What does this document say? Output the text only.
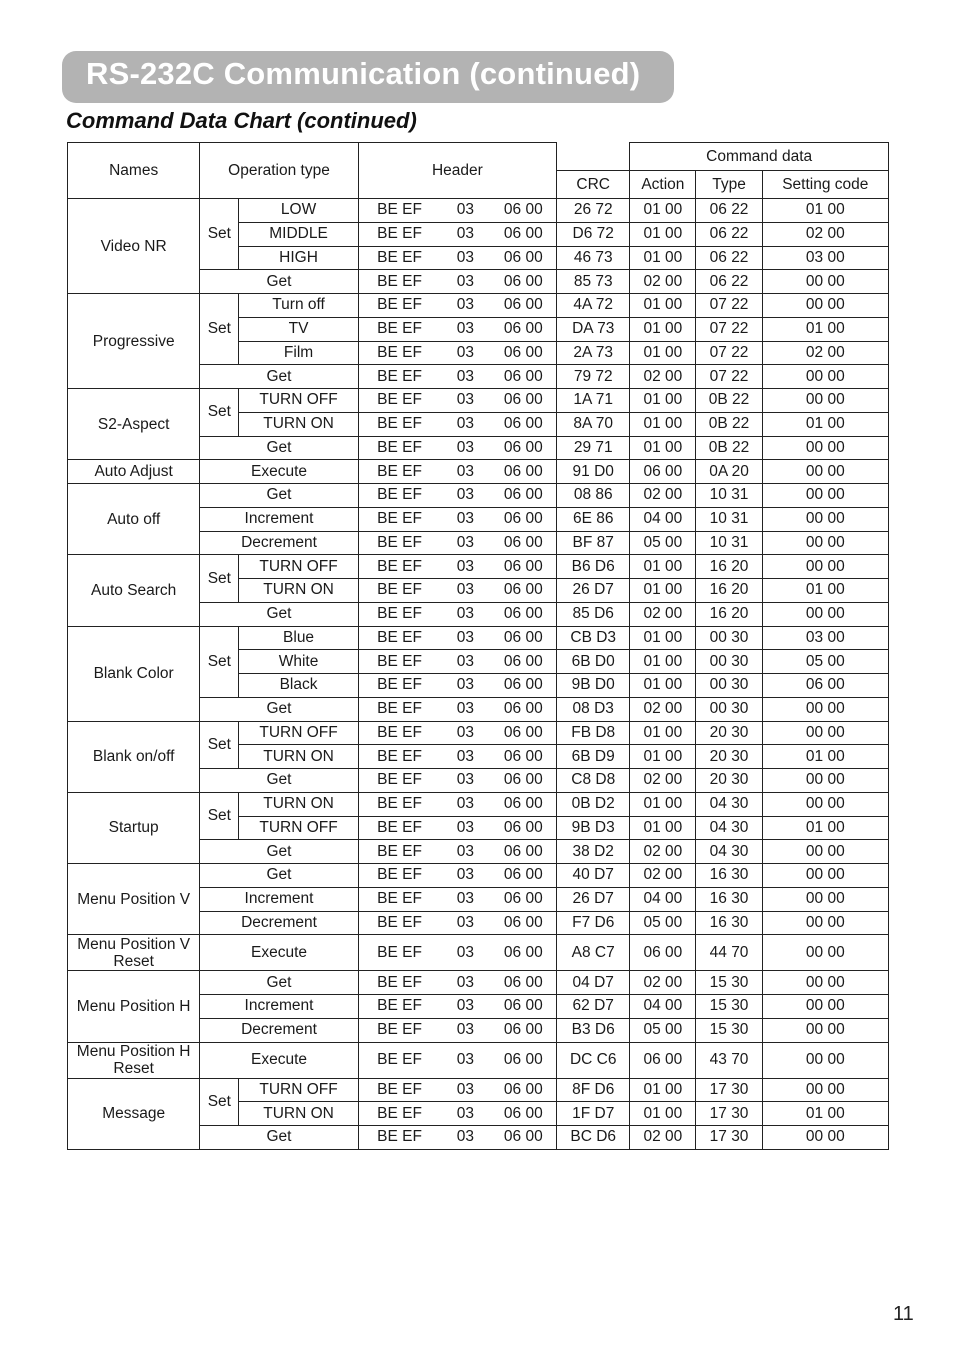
RS-232C Communication (continued)
Command Data Chart (continued)
Names	Operation type		Header				Command data		
						CRC	Action	Type	Setting code
Video NR	Set	LOW	BE EF	03	06 00	26 72	01 00	06 22	01 00
		MIDDLE	BE EF	03	06 00	D6 72	01 00	06 22	02 00
		HIGH	BE EF	03	06 00	46 73	01 00	06 22	03 00
	Get		BE EF	03	06 00	85 73	02 00	06 22	00 00
Progressive	Set	Turn off	BE EF	03	06 00	4A 72	01 00	07 22	00 00
		TV	BE EF	03	06 00	DA 73	01 00	07 22	01 00
		Film	BE EF	03	06 00	2A 73	01 00	07 22	02 00
	Get		BE EF	03	06 00	79 72	02 00	07 22	00 00
S2-Aspect	Set	TURN OFF	BE EF	03	06 00	1A 71	01 00	0B 22	00 00
		TURN ON	BE EF	03	06 00	8A 70	01 00	0B 22	01 00
	Get		BE EF	03	06 00	29 71	01 00	0B 22	00 00
Auto Adjust	Execute		BE EF	03	06 00	91 D0	06 00	0A 20	00 00
Auto off	Get		BE EF	03	06 00	08 86	02 00	10 31	00 00
	Increment		BE EF	03	06 00	6E 86	04 00	10 31	00 00
	Decrement		BE EF	03	06 00	BF 87	05 00	10 31	00 00
Auto Search	Set	TURN OFF	BE EF	03	06 00	B6 D6	01 00	16 20	00 00
		TURN ON	BE EF	03	06 00	26 D7	01 00	16 20	01 00
	Get		BE EF	03	06 00	85 D6	02 00	16 20	00 00
Blank Color	Set	Blue	BE EF	03	06 00	CB D3	01 00	00 30	03 00
		White	BE EF	03	06 00	6B D0	01 00	00 30	05 00
		Black	BE EF	03	06 00	9B D0	01 00	00 30	06 00
	Get		BE EF	03	06 00	08 D3	02 00	00 30	00 00
Blank on/off	Set	TURN OFF	BE EF	03	06 00	FB D8	01 00	20 30	00 00
		TURN ON	BE EF	03	06 00	6B D9	01 00	20 30	01 00
	Get		BE EF	03	06 00	C8 D8	02 00	20 30	00 00
Startup	Set	TURN ON	BE EF	03	06 00	0B D2	01 00	04 30	00 00
		TURN OFF	BE EF	03	06 00	9B D3	01 00	04 30	01 00
	Get		BE EF	03	06 00	38 D2	02 00	04 30	00 00
Menu Position V	Get		BE EF	03	06 00	40 D7	02 00	16 30	00 00
	Increment		BE EF	03	06 00	26 D7	04 00	16 30	00 00
	Decrement		BE EF	03	06 00	F7 D6	05 00	16 30	00 00

Menu Position V
Reset	Execute		BE EF	03	06 00	A8 C7	06 00	44 70	00 00
Menu Position H	Get		BE EF	03	06 00	04 D7	02 00	15 30	00 00
	Increment		BE EF	03	06 00	62 D7	04 00	15 30	00 00
	Decrement		BE EF	03	06 00	B3 D6	05 00	15 30	00 00

Menu Position H
Reset	Execute		BE EF	03	06 00	DC C6	06 00	43 70	00 00
Message	Set	TURN OFF	BE EF	03	06 00	8F D6	01 00	17 30	00 00
		TURN ON	BE EF	03	06 00	1F D7	01 00	17 30	01 00
	Get		BE EF	03	06 00	BC D6	02 00	17 30	00 00
11
